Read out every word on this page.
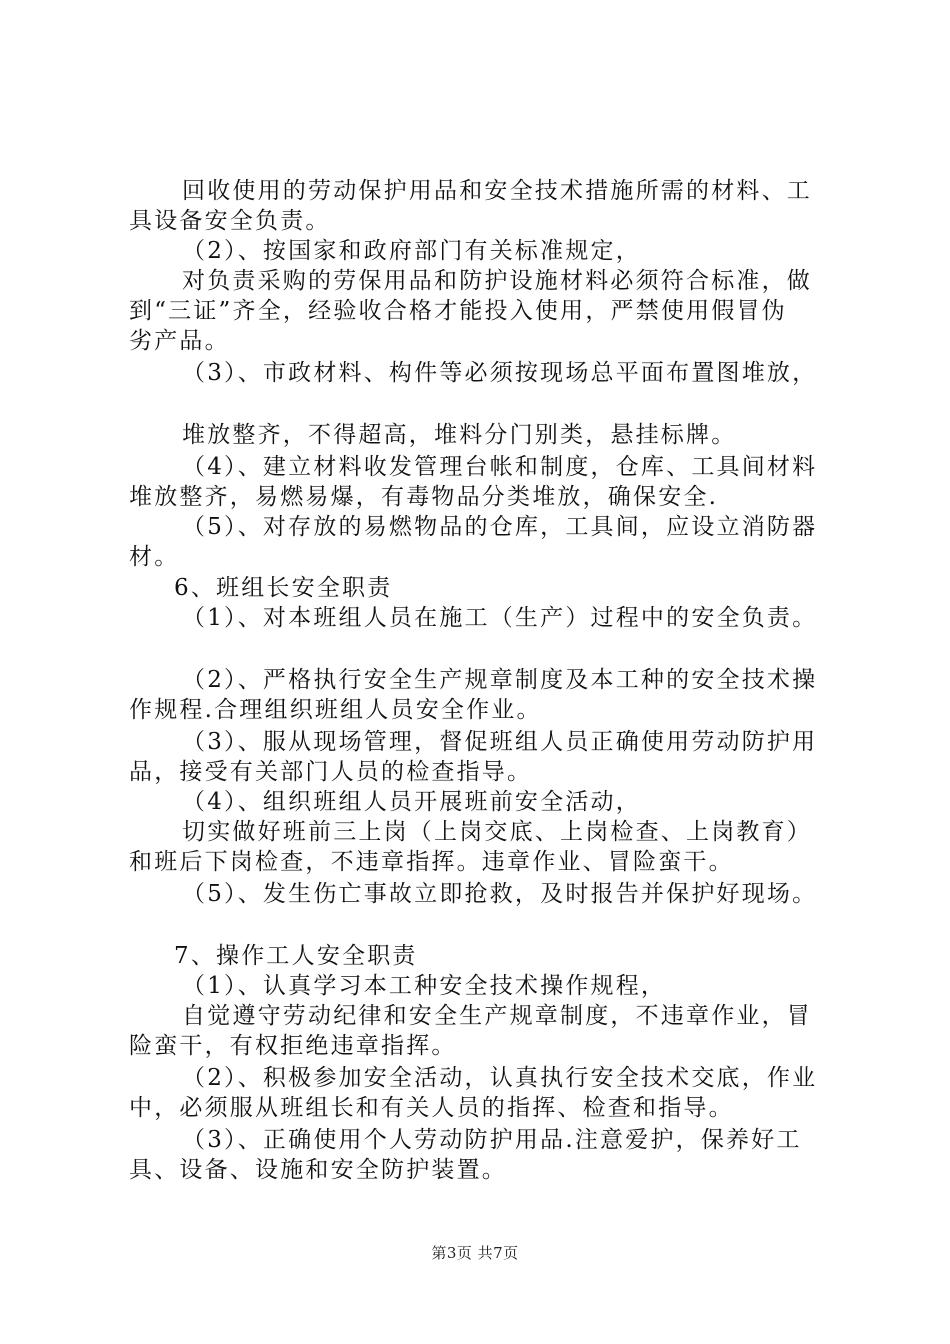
回收使用的劳动保护用品和安全技术措施所需的材料、工
具设备安全负责。
（2）、按国家和政府部门有关标准规定，
对负责采购的劳保用品和防护设施材料必须符合标准，做
到“三证”齐全，经验收合格才能投入使用，严禁使用假冒伪
劣产品。
（3）、市政材料、构件等必须按现场总平面布置图堆放，
堆放整齐，不得超高，堆料分门别类，悬挂标牌。
（4）、建立材料收发管理台帐和制度，仓库、工具间材料
堆放整齐，易燃易爆，有毒物品分类堆放，确保安全.
（5）、对存放的易燃物品的仓库，工具间，应设立消防器
材。
6、班组长安全职责
（1）、对本班组人员在施工（生产）过程中的安全负责。
（2）、严格执行安全生产规章制度及本工种的安全技术操
作规程.合理组织班组人员安全作业。
（3）、服从现场管理，督促班组人员正确使用劳动防护用
品，接受有关部门人员的检查指导。
（4）、组织班组人员开展班前安全活动，
切实做好班前三上岗（上岗交底、上岗检查、上岗教育）
和班后下岗检查，不违章指挥。违章作业、冒险蛮干。
（5）、发生伤亡事故立即抢救，及时报告并保护好现场。
7、操作工人安全职责
（1）、认真学习本工种安全技术操作规程，
自觉遵守劳动纪律和安全生产规章制度，不违章作业，冒
险蛮干，有权拒绝违章指挥。
（2）、积极参加安全活动，认真执行安全技术交底，作业
中，必须服从班组长和有关人员的指挥、检查和指导。
（3）、正确使用个人劳动防护用品.注意爱护，保养好工
具、设备、设施和安全防护装置。
第3页 共7页
